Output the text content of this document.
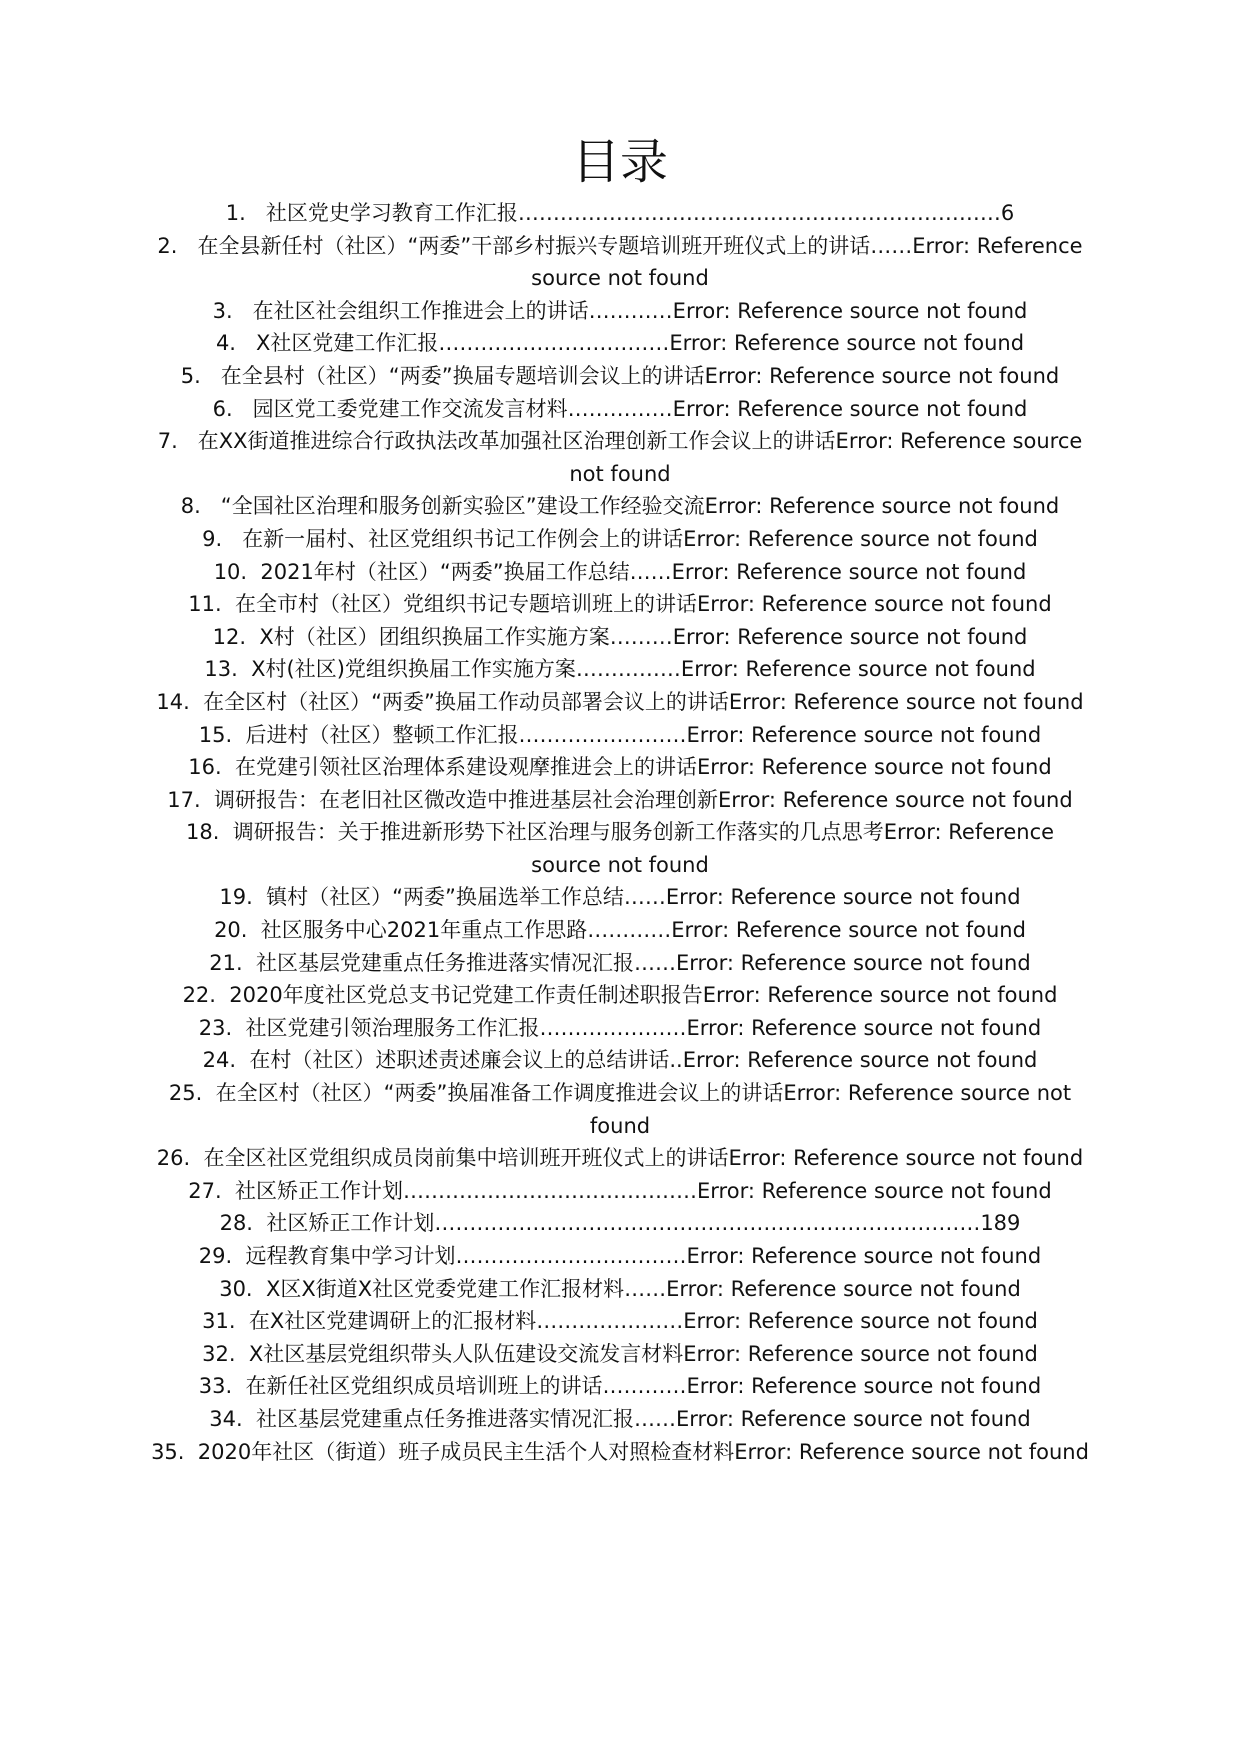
目录
1.   社区党史学习教育工作汇报……………………………………………………………6
2.   在全县新任村（社区）“两委”干部乡村振兴专题培训班开班仪式上的讲话……Error: Reference source not found
3.   在社区社会组织工作推进会上的讲话…………Error: Reference source not found
4.   X社区党建工作汇报……………………………Error: Reference source not found
5.   在全县村（社区）“两委”换届专题培训会议上的讲话Error: Reference source not found
6.   园区党工委党建工作交流发言材料……………Error: Reference source not found
7.   在XX街道推进综合行政执法改革加强社区治理创新工作会议上的讲话Error: Reference source not found
8.   “全国社区治理和服务创新实验区”建设工作经验交流Error: Reference source not found
9.   在新一届村、社区党组织书记工作例会上的讲话Error: Reference source not found
10.  2021年村（社区）“两委”换届工作总结……Error: Reference source not found
11.  在全市村（社区）党组织书记专题培训班上的讲话Error: Reference source not found
12.  X村（社区）团组织换届工作实施方案………Error: Reference source not found
13.  X村(社区)党组织换届工作实施方案……………Error: Reference source not found
14.  在全区村（社区）“两委”换届工作动员部署会议上的讲话Error: Reference source not found
15.  后进村（社区）整顿工作汇报……………………Error: Reference source not found
16.  在党建引领社区治理体系建设观摩推进会上的讲话Error: Reference source not found
17.  调研报告：在老旧社区微改造中推进基层社会治理创新Error: Reference source not found
18.  调研报告：关于推进新形势下社区治理与服务创新工作落实的几点思考Error: Reference source not found
19.  镇村（社区）“两委”换届选举工作总结……Error: Reference source not found
20.  社区服务中心2021年重点工作思路…………Error: Reference source not found
21.  社区基层党建重点任务推进落实情况汇报……Error: Reference source not found
22.  2020年度社区党总支书记党建工作责任制述职报告Error: Reference source not found
23.  社区党建引领治理服务工作汇报…………………Error: Reference source not found
24.  在村（社区）述职述责述廉会议上的总结讲话..Error: Reference source not found
25.  在全区村（社区）“两委”换届准备工作调度推进会议上的讲话Error: Reference source not found
26.  在全区社区党组织成员岗前集中培训班开班仪式上的讲话Error: Reference source not found
27.  社区矫正工作计划……………………………………Error: Reference source not found
28.  社区矫正工作计划……………………………………………………………………189
29.  远程教育集中学习计划……………………………Error: Reference source not found
30.  X区X街道X社区党委党建工作汇报材料……Error: Reference source not found
31.  在X社区党建调研上的汇报材料…………………Error: Reference source not found
32.  X社区基层党组织带头人队伍建设交流发言材料Error: Reference source not found
33.  在新任社区党组织成员培训班上的讲话…………Error: Reference source not found
34.  社区基层党建重点任务推进落实情况汇报……Error: Reference source not found
35.  2020年社区（街道）班子成员民主生活个人对照检查材料Error: Reference source not found
